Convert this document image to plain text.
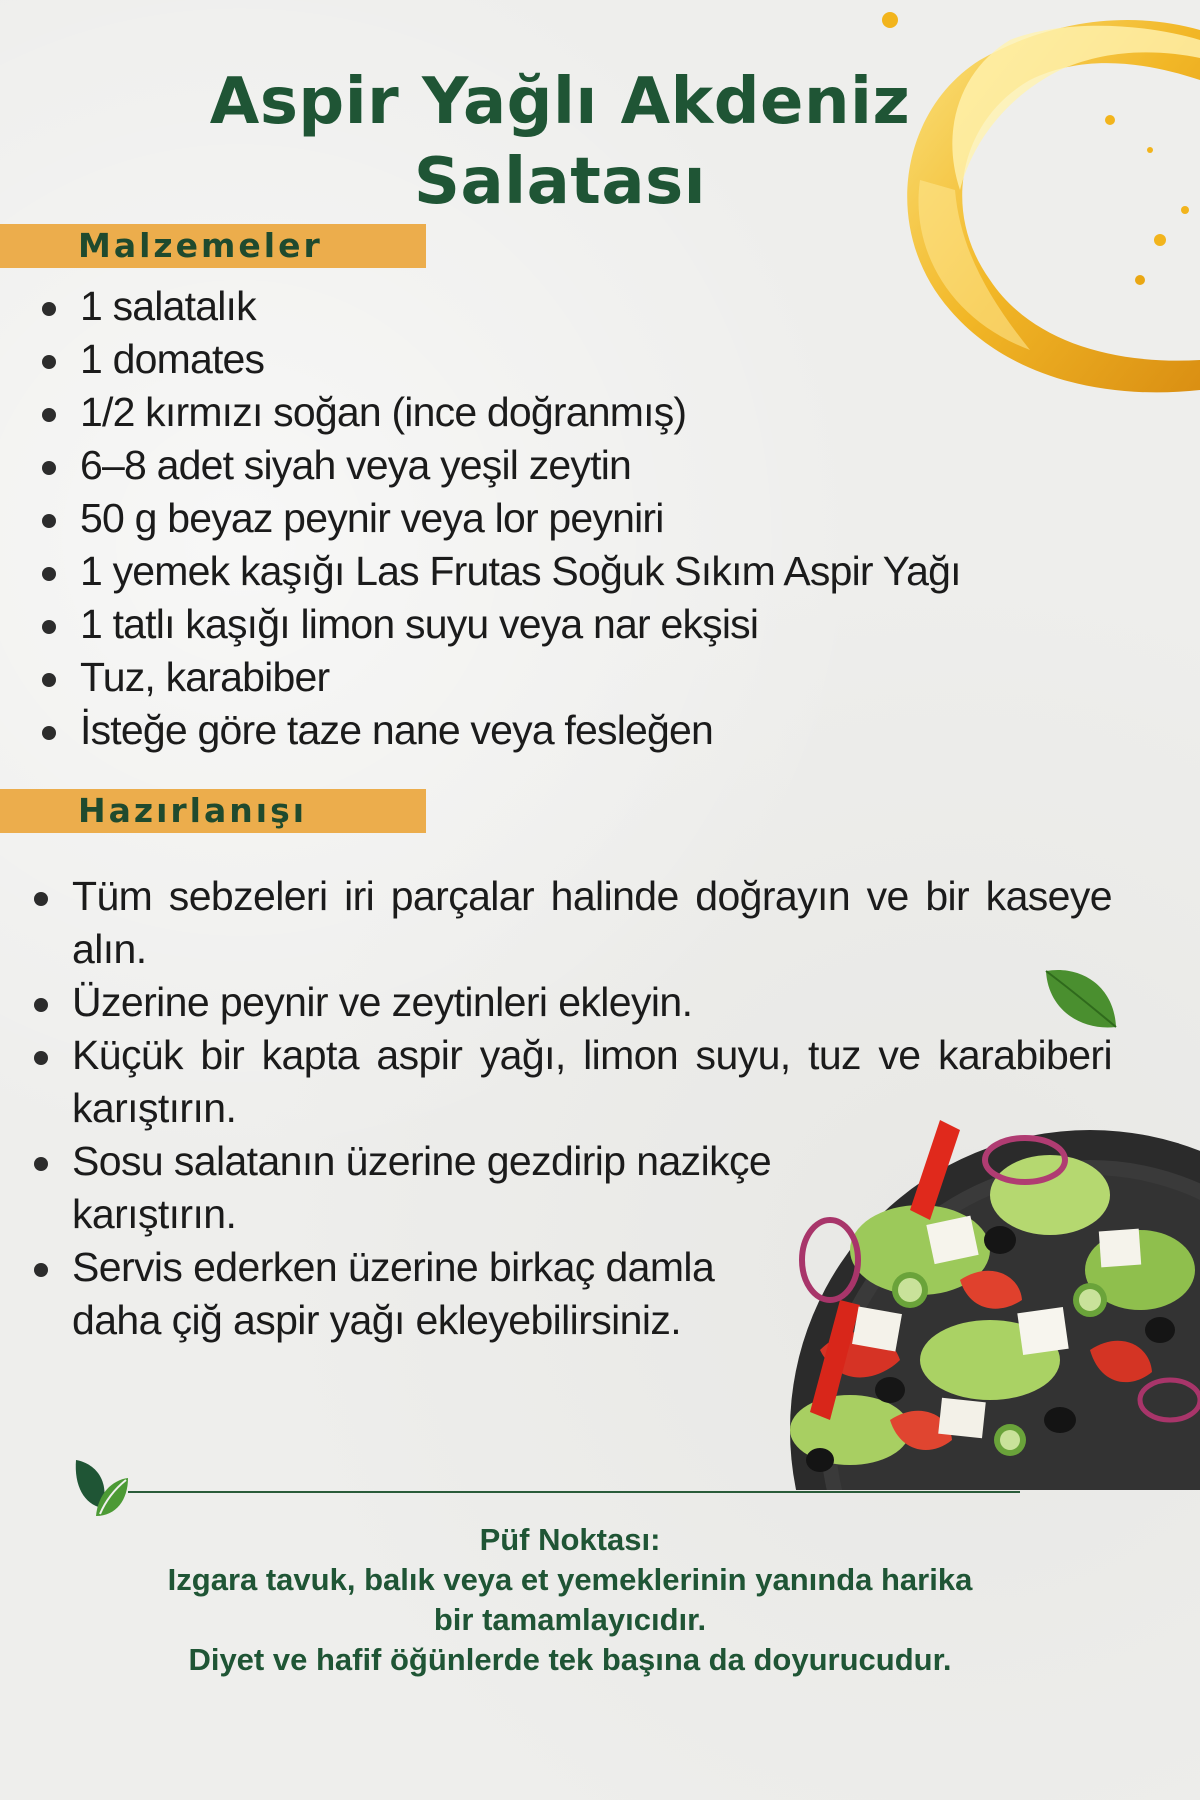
Aspir Yağlı Akdeniz
Salatası
Malzemeler
1 salatalık
1 domates
1/2 kırmızı soğan (ince doğranmış)
6–8 adet siyah veya yeşil zeytin
50 g beyaz peynir veya lor peyniri
1 yemek kaşığı Las Frutas Soğuk Sıkım Aspir Yağı
1 tatlı kaşığı limon suyu veya nar ekşisi
Tuz, karabiber
İsteğe göre taze nane veya fesleğen
Hazırlanışı
Tüm sebzeleri iri parçalar halinde doğrayın ve bir kaseye alın.
Üzerine peynir ve zeytinleri ekleyin.
Küçük bir kapta aspir yağı, limon suyu, tuz ve karabiberi karıştırın.
Sosu salatanın üzerine gezdirip nazikçe karıştırın.
Servis ederken üzerine birkaç damla daha çiğ aspir yağı ekleyebilirsiniz.
Püf Noktası:
Izgara tavuk, balık veya et yemeklerinin yanında harika
bir tamamlayıcıdır.
Diyet ve hafif öğünlerde tek başına da doyurucudur.
